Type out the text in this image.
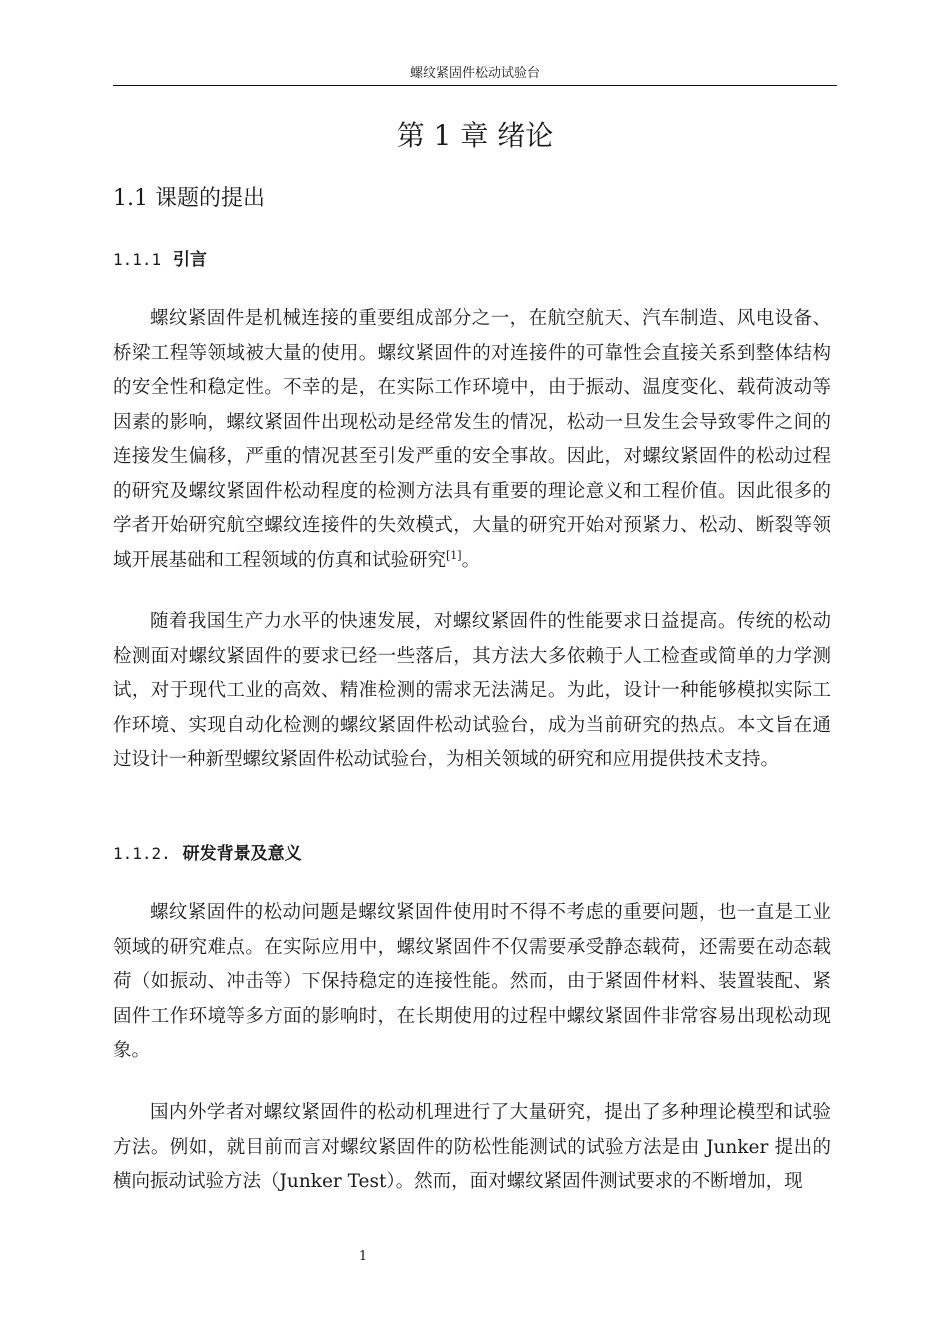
螺纹紧固件松动试验台
第 1 章 绪论
1.1 课题的提出
1.1.1 引言

螺纹紧固件是机械连接的重要组成部分之一，在航空航天、汽车制造、风电设备、桥梁工程等领域被大量的使用。螺纹紧固件的对连接件的可靠性会直接关系到整体结构的安全性和稳定性。不幸的是，在实际工作环境中，由于振动、温度变化、载荷波动等因素的影响，螺纹紧固件出现松动是经常发生的情况，松动一旦发生会导致零件之间的连接发生偏移，严重的情况甚至引发严重的安全事故。因此，对螺纹紧固件的松动过程的研究及螺纹紧固件松动程度的检测方法具有重要的理论意义和工程价值。因此很多的学者开始研究航空螺纹连接件的失效模式，大量的研究开始对预紧力、松动、断裂等领域开展基础和工程领域的仿真和试验研究[1]。

随着我国生产力水平的快速发展，对螺纹紧固件的性能要求日益提高。传统的松动检测面对螺纹紧固件的要求已经一些落后，其方法大多依赖于人工检查或简单的力学测试，对于现代工业的高效、精准检测的需求无法满足。为此，设计一种能够模拟实际工作环境、实现自动化检测的螺纹紧固件松动试验台，成为当前研究的热点。本文旨在通过设计一种新型螺纹紧固件松动试验台，为相关领域的研究和应用提供技术支持。

1.1.2. 研发背景及意义

螺纹紧固件的松动问题是螺纹紧固件使用时不得不考虑的重要问题，也一直是工业领域的研究难点。在实际应用中，螺纹紧固件不仅需要承受静态载荷，还需要在动态载荷（如振动、冲击等）下保持稳定的连接性能。然而，由于紧固件材料、装置装配、紧固件工作环境等多方面的影响时，在长期使用的过程中螺纹紧固件非常容易出现松动现象。

国内外学者对螺纹紧固件的松动机理进行了大量研究，提出了多种理论模型和试验方法。例如，就目前而言对螺纹紧固件的防松性能测试的试验方法是由 Junker 提出的横向振动试验方法（Junker Test）。然而，面对螺纹紧固件测试要求的不断增加，现

1
